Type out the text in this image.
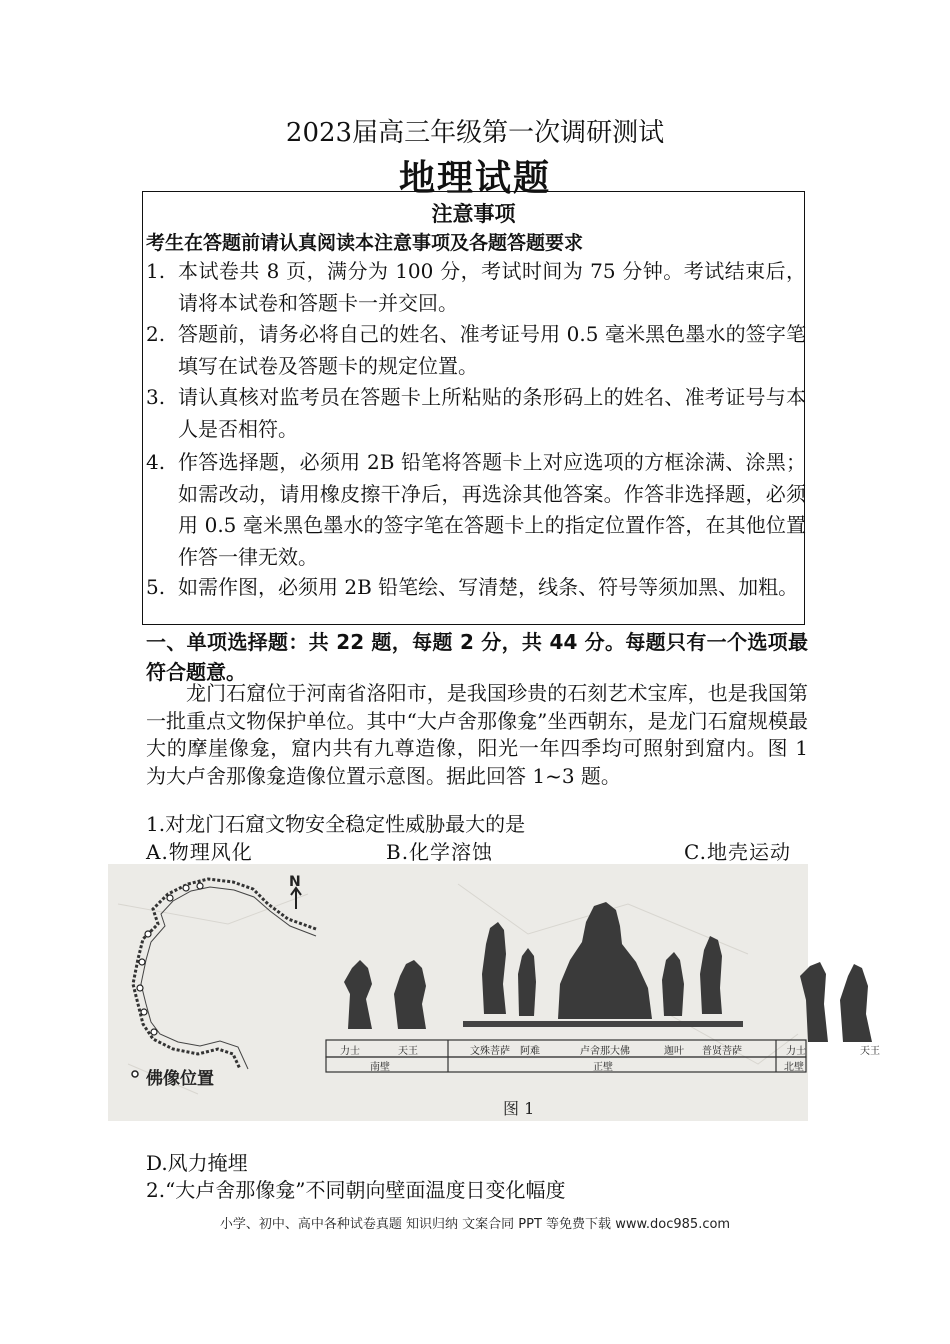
2023届高三年级第一次调研测试
地理试题
注意事项
考生在答题前请认真阅读本注意事项及各题答题要求
1. 本试卷共 8 页，满分为 100 分，考试时间为 75 分钟。考试结束后，请将本试卷和答题卡一并交回。
2. 答题前，请务必将自己的姓名、准考证号用 0.5 毫米黑色墨水的签字笔填写在试卷及答题卡的规定位置。
3. 请认真核对监考员在答题卡上所粘贴的条形码上的姓名、准考证号与本人是否相符。
4. 作答选择题，必须用 2B 铅笔将答题卡上对应选项的方框涂满、涂黑；如需改动，请用橡皮擦干净后，再选涂其他答案。作答非选择题，必须用 0.5 毫米黑色墨水的签字笔在答题卡上的指定位置作答，在其他位置作答一律无效。
5. 如需作图，必须用 2B 铅笔绘、写清楚，线条、符号等须加黑、加粗。
一、单项选择题：共 22 题，每题 2 分，共 44 分。每题只有一个选项最符合题意。
龙门石窟位于河南省洛阳市，是我国珍贵的石刻艺术宝库，也是我国第一批重点文物保护单位。其中“大卢舍那像龛”坐西朝东，是龙门石窟规模最大的摩崖像龛，窟内共有九尊造像，阳光一年四季均可照射到窟内。图 1 为大卢舍那像龛造像位置示意图。据此回答 1~3 题。
1.对龙门石窟文物安全稳定性威胁最大的是
A.物理风化	B.化学溶蚀	C.地壳运动
N
佛像位置
力士	天王	文殊菩萨 阿难	卢舍那大佛	迦叶 普贤菩萨	力士	天王
南壁	正壁	北壁
图 1
D.风力掩埋
2.“大卢舍那像龛”不同朝向壁面温度日变化幅度
小学、初中、高中各种试卷真题 知识归纳 文案合同 PPT 等免费下载 www.doc985.com
